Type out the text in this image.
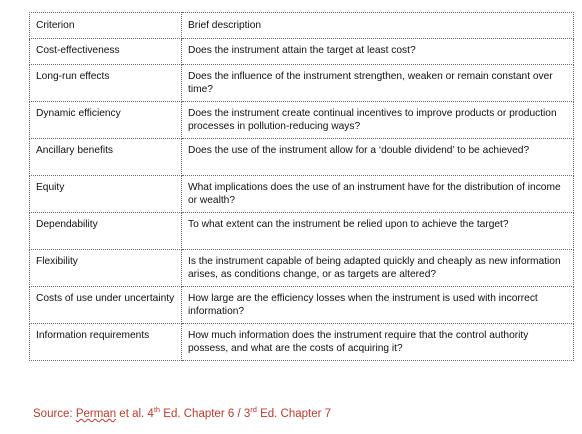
Criterion	Brief description
Cost-effectiveness	Does the instrument attain the target at least cost?
Long-run effects	Does the influence of the instrument strengthen, weaken or remain constant over time?
Dynamic efficiency	Does the instrument create continual incentives to improve products or production processes in pollution-reducing ways?
Ancillary benefits	Does the use of the instrument allow for a ‘double dividend’ to be achieved?
Equity	What implications does the use of an instrument have for the distribution of income or wealth?
Dependability	To what extent can the instrument be relied upon to achieve the target?
Flexibility	Is the instrument capable of being adapted quickly and cheaply as new information arises, as conditions change, or as targets are altered?
Costs of use under uncertainty	How large are the efficiency losses when the instrument is used with incorrect information?
Information requirements	How much information does the instrument require that the control authority possess, and what are the costs of acquiring it?
Source: Perman et al. 4th Ed. Chapter 6 / 3rd Ed. Chapter 7
